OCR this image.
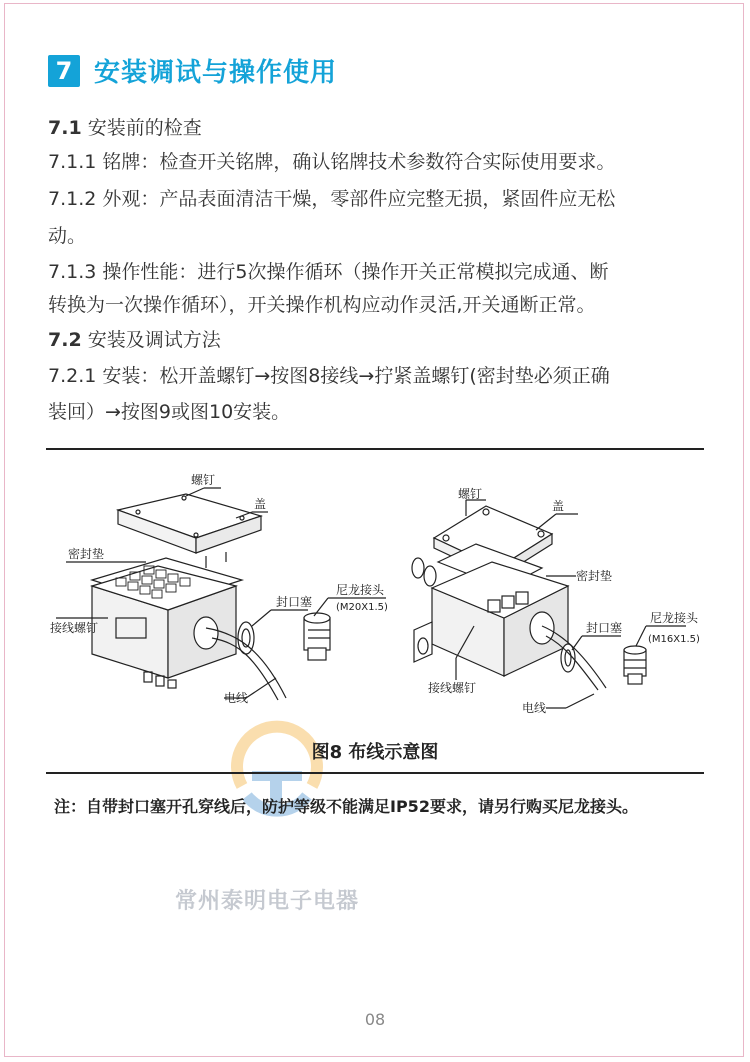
7 安装调试与操作使用
7.1 安装前的检查
7.1.1 铭牌：检查开关铭牌，确认铭牌技术参数符合实际使用要求。
7.1.2 外观：产品表面清洁干燥，零部件应完整无损，紧固件应无松
动。
7.1.3 操作性能：进行5次操作循环（操作开关正常模拟完成通、断
转换为一次操作循环），开关操作机构应动作灵活,开关通断正常。
7.2 安装及调试方法
7.2.1 安装：松开盖螺钉→按图8接线→拧紧盖螺钉(密封垫必须正确
装回）→按图9或图10安装。
螺钉
盖
密封垫
接线螺钉
封口塞
尼龙接头
(M20X1.5)
电线
螺钉
盖
密封垫
接线螺钉
封口塞
尼龙接头
(M16X1.5)
电线
图8 布线示意图
注：自带封口塞开孔穿线后，防护等级不能满足IP52要求，请另行购买尼龙接头。
常州泰明电子电器
08
